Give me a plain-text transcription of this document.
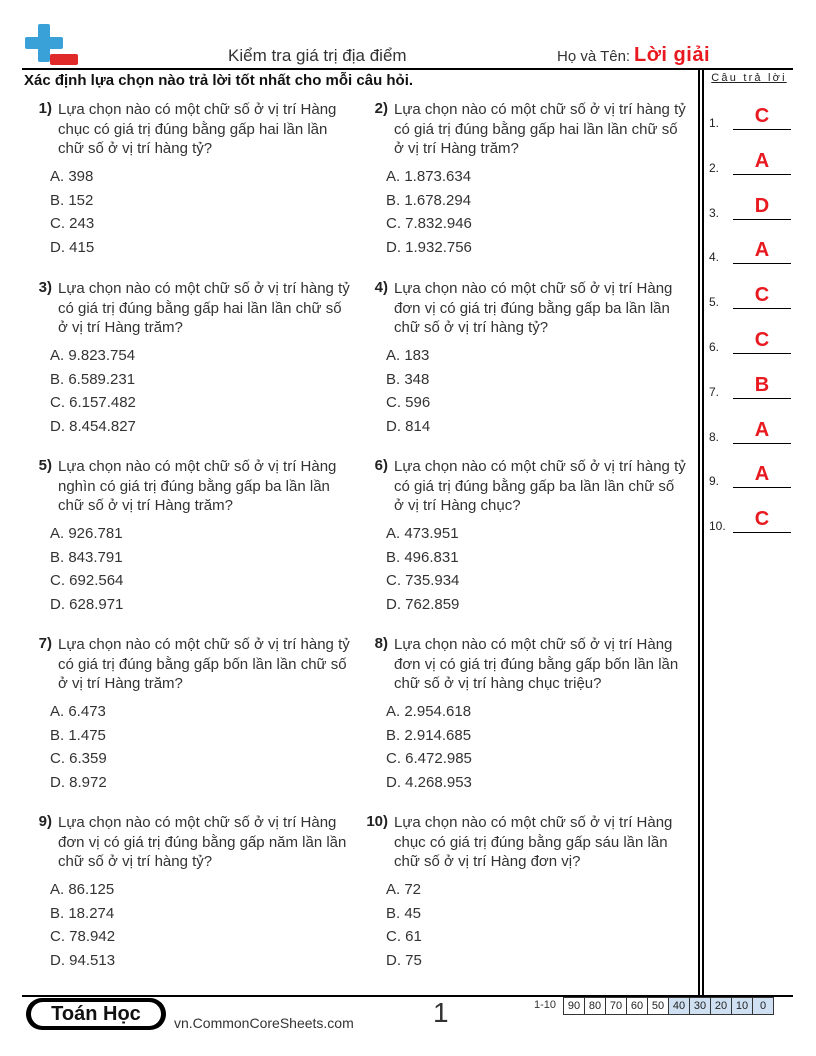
Kiểm tra giá trị địa điểm	Họ và Tên: Lời giải
Xác định lựa chọn nào trả lời tốt nhất cho mỗi câu hỏi.
1) Lựa chọn nào có một chữ số ở vị trí Hàng chục có giá trị đúng bằng gấp hai lần lần chữ số ở vị trí hàng tỷ?
A. 398
B. 152
C. 243
D. 415
2) Lựa chọn nào có một chữ số ở vị trí hàng tỷ có giá trị đúng bằng gấp hai lần lần chữ số ở vị trí Hàng trăm?
A. 1.873.634
B. 1.678.294
C. 7.832.946
D. 1.932.756
3) Lựa chọn nào có một chữ số ở vị trí hàng tỷ có giá trị đúng bằng gấp hai lần lần chữ số ở vị trí Hàng trăm?
A. 9.823.754
B. 6.589.231
C. 6.157.482
D. 8.454.827
4) Lựa chọn nào có một chữ số ở vị trí Hàng đơn vị có giá trị đúng bằng gấp ba lần lần chữ số ở vị trí hàng tỷ?
A. 183
B. 348
C. 596
D. 814
5) Lựa chọn nào có một chữ số ở vị trí Hàng nghìn có giá trị đúng bằng gấp ba lần lần chữ số ở vị trí Hàng trăm?
A. 926.781
B. 843.791
C. 692.564
D. 628.971
6) Lựa chọn nào có một chữ số ở vị trí hàng tỷ có giá trị đúng bằng gấp ba lần lần chữ số ở vị trí Hàng chục?
A. 473.951
B. 496.831
C. 735.934
D. 762.859
7) Lựa chọn nào có một chữ số ở vị trí hàng tỷ có giá trị đúng bằng gấp bốn lần lần chữ số ở vị trí Hàng trăm?
A. 6.473
B. 1.475
C. 6.359
D. 8.972
8) Lựa chọn nào có một chữ số ở vị trí Hàng đơn vị có giá trị đúng bằng gấp bốn lần lần chữ số ở vị trí hàng chục triệu?
A. 2.954.618
B. 2.914.685
C. 6.472.985
D. 4.268.953
9) Lựa chọn nào có một chữ số ở vị trí Hàng đơn vị có giá trị đúng bằng gấp năm lần lần chữ số ở vị trí hàng tỷ?
A. 86.125
B. 18.274
C. 78.942
D. 94.513
10) Lựa chọn nào có một chữ số ở vị trí Hàng chục có giá trị đúng bằng gấp sáu lần lần chữ số ở vị trí Hàng đơn vị?
A. 72
B. 45
C. 61
D. 75
Câu trả lời
1.	C
2.	A
3.	D
4.	A
5.	C
6.	C
7.	B
8.	A
9.	A
10.	C
Toán Học	vn.CommonCoreSheets.com	1	1-10	90 80 70 60 50 40 30 20 10	0
